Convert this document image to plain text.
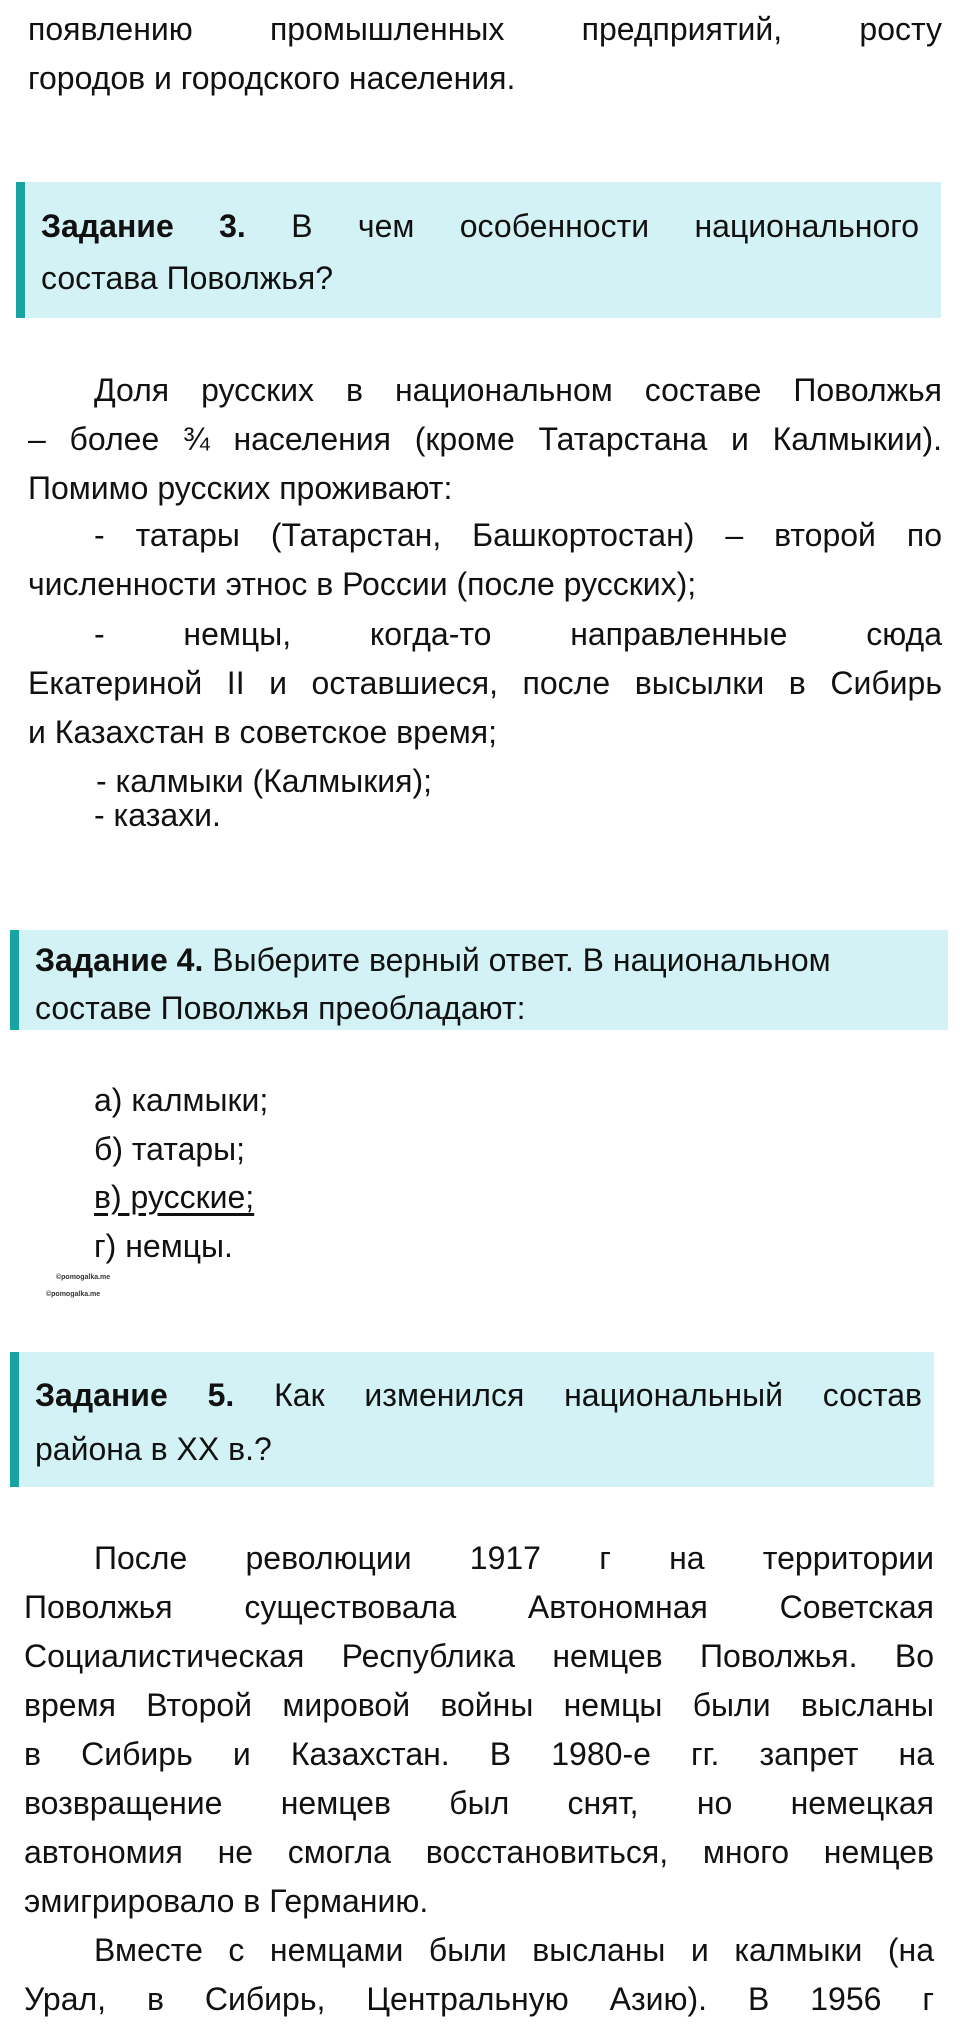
появлению промышленных предприятий, росту
городов и городского населения.
Задание 3. В чем особенности национального
состава Поволжья?
Доля русских в национальном составе Поволжья
– более ¾ населения (кроме Татарстана и Калмыкии).
Помимо русских проживают:
- татары (Татарстан, Башкортостан) – второй по
численности этнос в России (после русских);
- немцы, когда-то направленные сюда
Екатериной II и оставшиеся, после высылки в Сибирь
и Казахстан в советское время;
- калмыки (Калмыкия);
- казахи.
Задание 4. Выберите верный ответ. В национальном
составе Поволжья преобладают:
а) калмыки;
б) татары;
в) русские;
г) немцы.
©pomogalka.me
©pomogalka.me
Задание 5. Как изменился национальный состав
района в XX в.?
После революции 1917 г на территории
Поволжья существовала Автономная Советская
Социалистическая Республика немцев Поволжья. Во
время Второй мировой войны немцы были высланы
в Сибирь и Казахстан. В 1980-е гг. запрет на
возвращение немцев был снят, но немецкая
автономия не смогла восстановиться, много немцев
эмигрировало в Германию.
Вместе с немцами были высланы и калмыки (на
Урал, в Сибирь, Центральную Азию). В 1956 г
